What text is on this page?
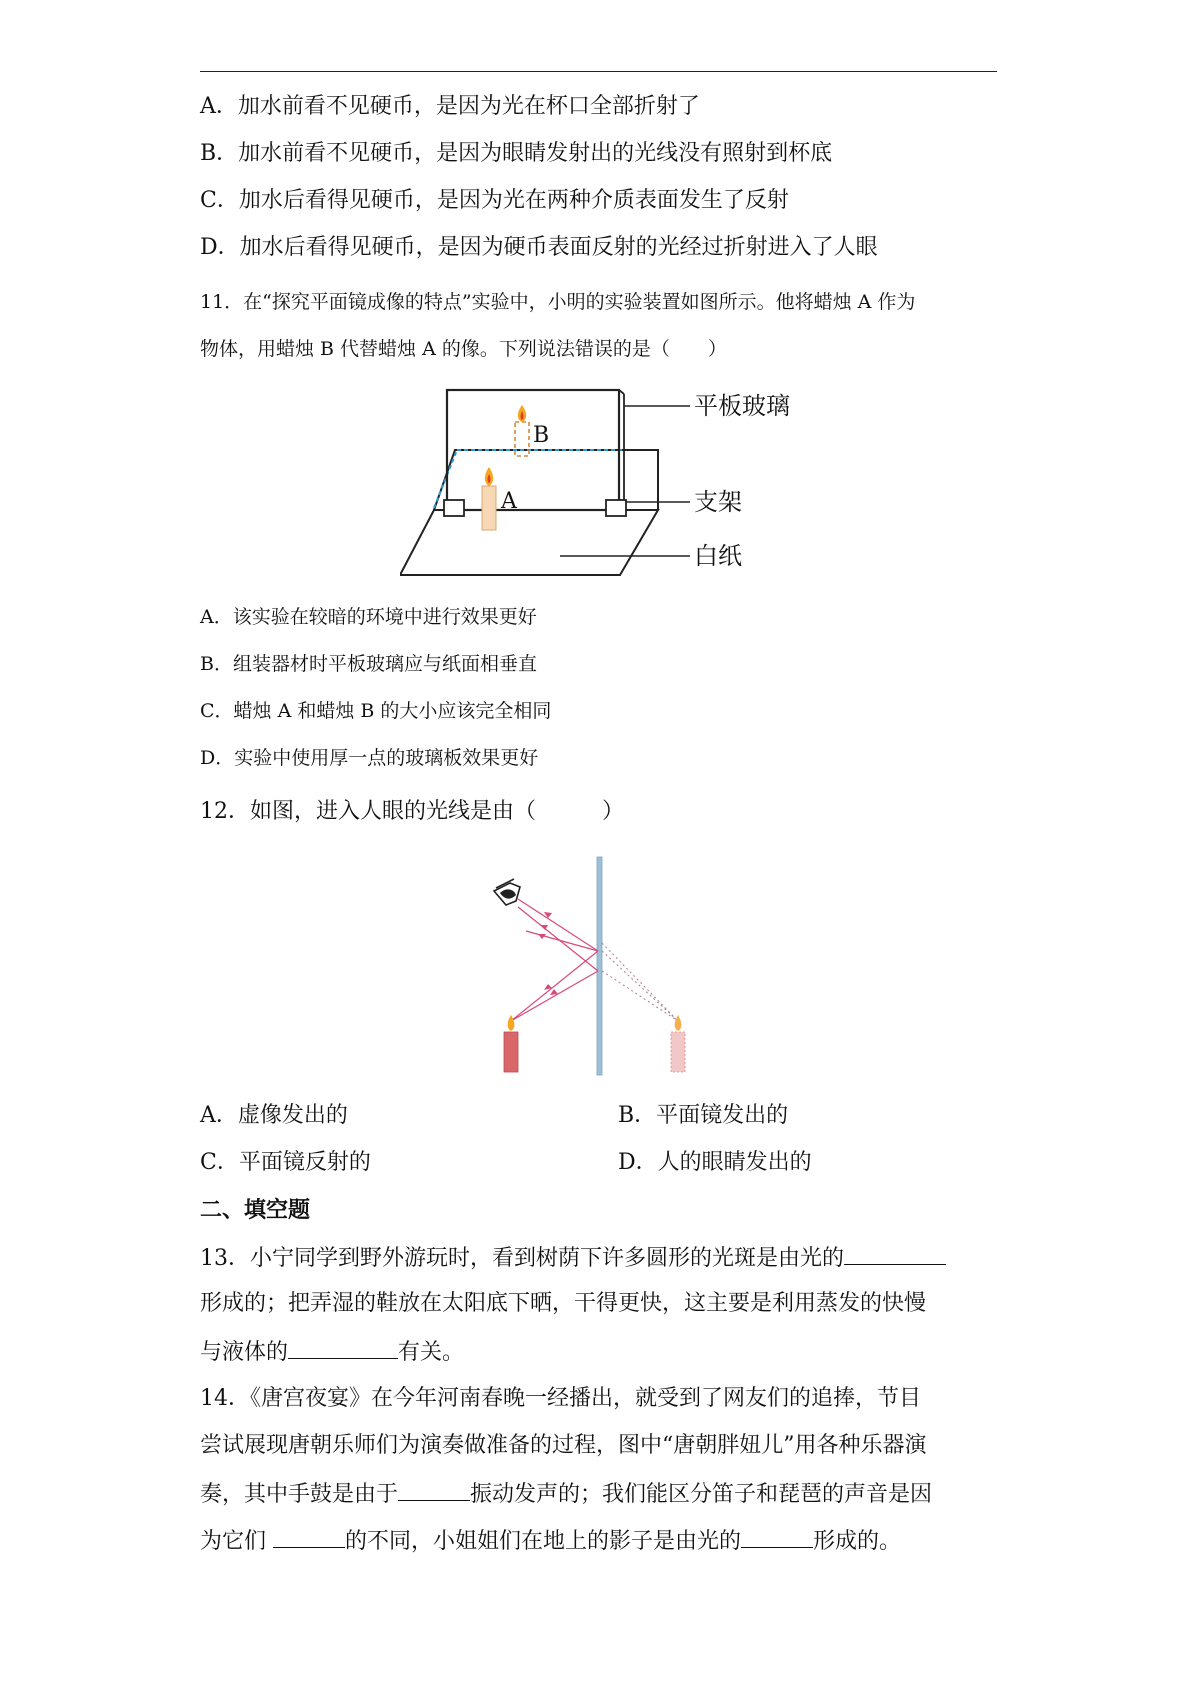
A．加水前看不见硬币，是因为光在杯口全部折射了
B．加水前看不见硬币，是因为眼睛发射出的光线没有照射到杯底
C．加水后看得见硬币，是因为光在两种介质表面发生了反射
D．加水后看得见硬币，是因为硬币表面反射的光经过折射进入了人眼
11．在“探究平面镜成像的特点”实验中，小明的实验装置如图所示。他将蜡烛 A 作为
物体，用蜡烛 B 代替蜡烛 A 的像。下列说法错误的是（　　）
B
A
平板玻璃
支架
白纸
A．该实验在较暗的环境中进行效果更好
B．组装器材时平板玻璃应与纸面相垂直
C．蜡烛 A 和蜡烛 B 的大小应该完全相同
D．实验中使用厚一点的玻璃板效果更好
12．如图，进入人眼的光线是由（　　　）
A．虚像发出的	B．平面镜发出的
C．平面镜反射的	D．人的眼睛发出的
二、填空题
13．小宁同学到野外游玩时，看到树荫下许多圆形的光斑是由光的
形成的；把弄湿的鞋放在太阳底下晒，干得更快，这主要是利用蒸发的快慢
与液体的	有关。
14．《唐宫夜宴》在今年河南春晚一经播出，就受到了网友们的追捧，节目
尝试展现唐朝乐师们为演奏做准备的过程，图中“唐朝胖妞儿”用各种乐器演
奏，其中手鼓是由于	振动发声的；我们能区分笛子和琵琶的声音是因
为它们	的不同，小姐姐们在地上的影子是由光的	形成的。
